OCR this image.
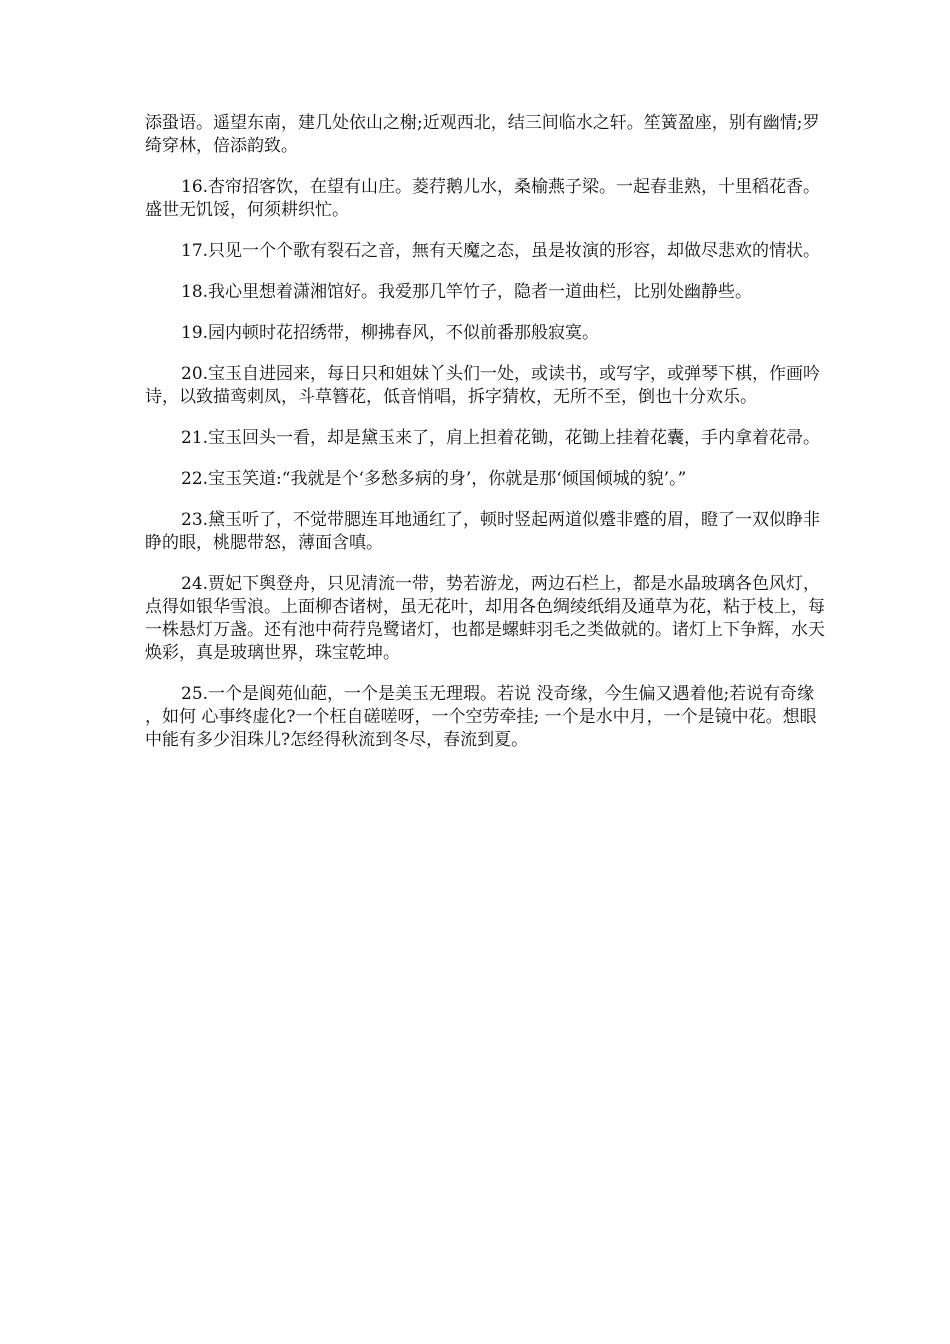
添蛩语。遥望东南，建几处依山之榭;近观西北，结三间临水之轩。笙簧盈座，别有幽情;罗绮穿林，倍添韵致。

16.杏帘招客饮，在望有山庄。菱荇鹅儿水，桑榆燕子梁。一起春韭熟，十里稻花香。盛世无饥馁，何须耕织忙。

17.只见一个个歌有裂石之音，無有天魔之态，虽是妆演的形容，却做尽悲欢的情状。

18.我心里想着潇湘馆好。我爱那几竿竹子，隐者一道曲栏，比别处幽静些。

19.园内顿时花招绣带，柳拂春风，不似前番那般寂寞。

20.宝玉自进园来，每日只和姐妹丫头们一处，或读书，或写字，或弹琴下棋，作画吟诗，以致描鸾刺凤，斗草簪花，低音悄唱，拆字猜枚，无所不至，倒也十分欢乐。

21.宝玉回头一看，却是黛玉来了，肩上担着花锄，花锄上挂着花囊，手内拿着花帚。

22.宝玉笑道:“我就是个‘多愁多病的身’，你就是那‘倾国倾城的貌’。”

23.黛玉听了，不觉带腮连耳地通红了，顿时竖起两道似蹙非蹙的眉，瞪了一双似睁非睁的眼，桃腮带怒，薄面含嗔。

24.贾妃下舆登舟，只见清流一带，势若游龙，两边石栏上，都是水晶玻璃各色风灯，点得如银华雪浪。上面柳杏诸树，虽无花叶，却用各色绸绫纸绢及通草为花，粘于枝上，每一株悬灯万盏。还有池中荷荇凫鹭诸灯，也都是螺蚌羽毛之类做就的。诸灯上下争辉，水天焕彩，真是玻璃世界，珠宝乾坤。

25.一个是阆苑仙葩，一个是美玉无理瑕。若说 没奇缘，今生偏又遇着他;若说有奇缘，如何 心事终虚化?一个枉自磋嗟呀，一个空劳牵挂; 一个是水中月，一个是镜中花。想眼中能有多少泪珠儿?怎经得秋流到冬尽，春流到夏。
